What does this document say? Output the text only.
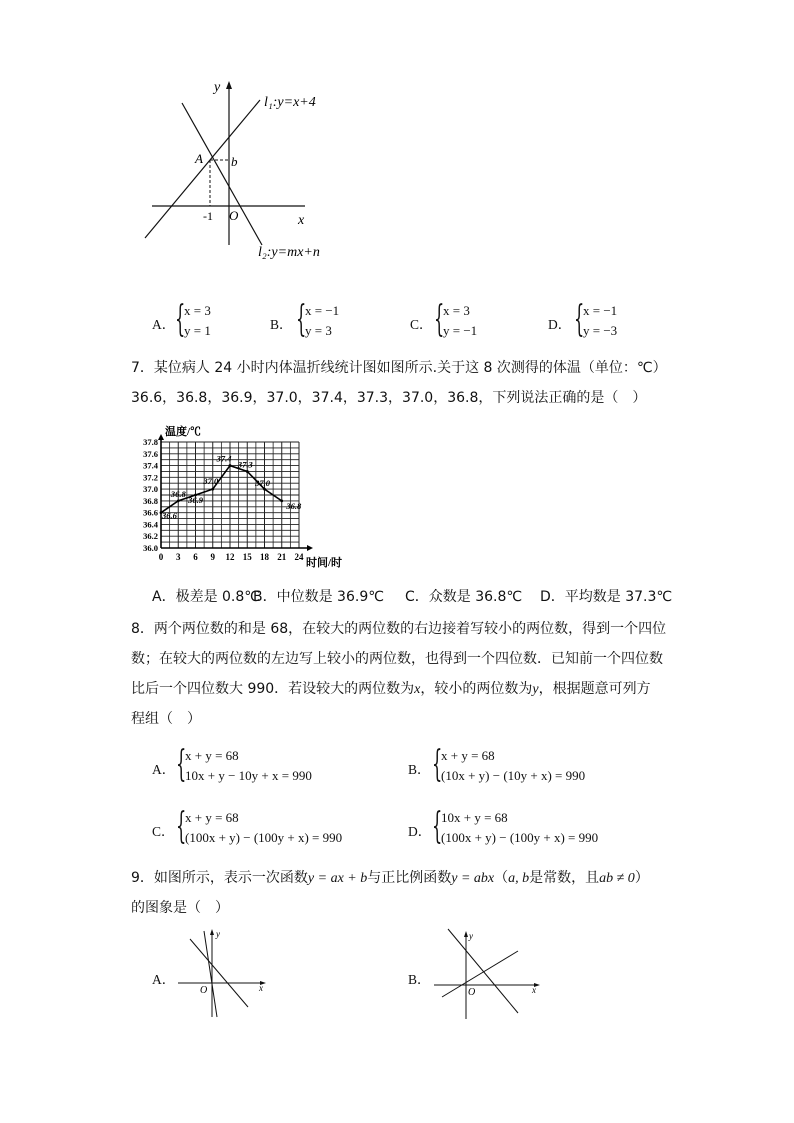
y
x
O
A b
-1
l₁:y=x+4
l₂:y=mx+n
A． {
x = 3
y = 1	B． {
x = −1
y = 3	C． {
x = 3
y = −1	D． {
x = −1
y = −3
7．某位病人 24 小时内体温折线统计图如图所示.关于这 8 次测得的体温（单位：℃）
36.6，36.8，36.9，37.0，37.4，37.3，37.0，36.8，下列说法正确的是（　）
温度/℃
时间/时
37.8
37.6
37.4
37.2
37.0
36.8
36.6
36.4
36.2
36.0
0 3 6 9 12 15 18 21 24
36.6
36.8
36.9
37.0
37.4
37.3
37.0
36.8
A．极差是 0.8℃
B．中位数是 36.9℃ C．众数是 36.8℃ D．平均数是 37.3℃
8．两个两位数的和是 68，在较大的两位数的右边接着写较小的两位数，得到一个四位
数；在较大的两位数的左边写上较小的两位数，也得到一个四位数．已知前一个四位数
比后一个四位数大 990．若设较大的两位数为x，较小的两位数为y，根据题意可列方
程组（　）
A． {
x + y = 68
10x + y − 10y + x = 990	B． {
x + y = 68
(10x + y) − (10y + x) = 990
C． {
x + y = 68
(100x + y) − (100y + x) = 990	D． {
10x + y = 68
(100x + y) − (100y + x) = 990
9．如图所示，表示一次函数y = ax + b与正比例函数y = abx（a, b是常数，且ab ≠ 0）
的图象是（　）
A．
y
x
O
B．
y
x
O
